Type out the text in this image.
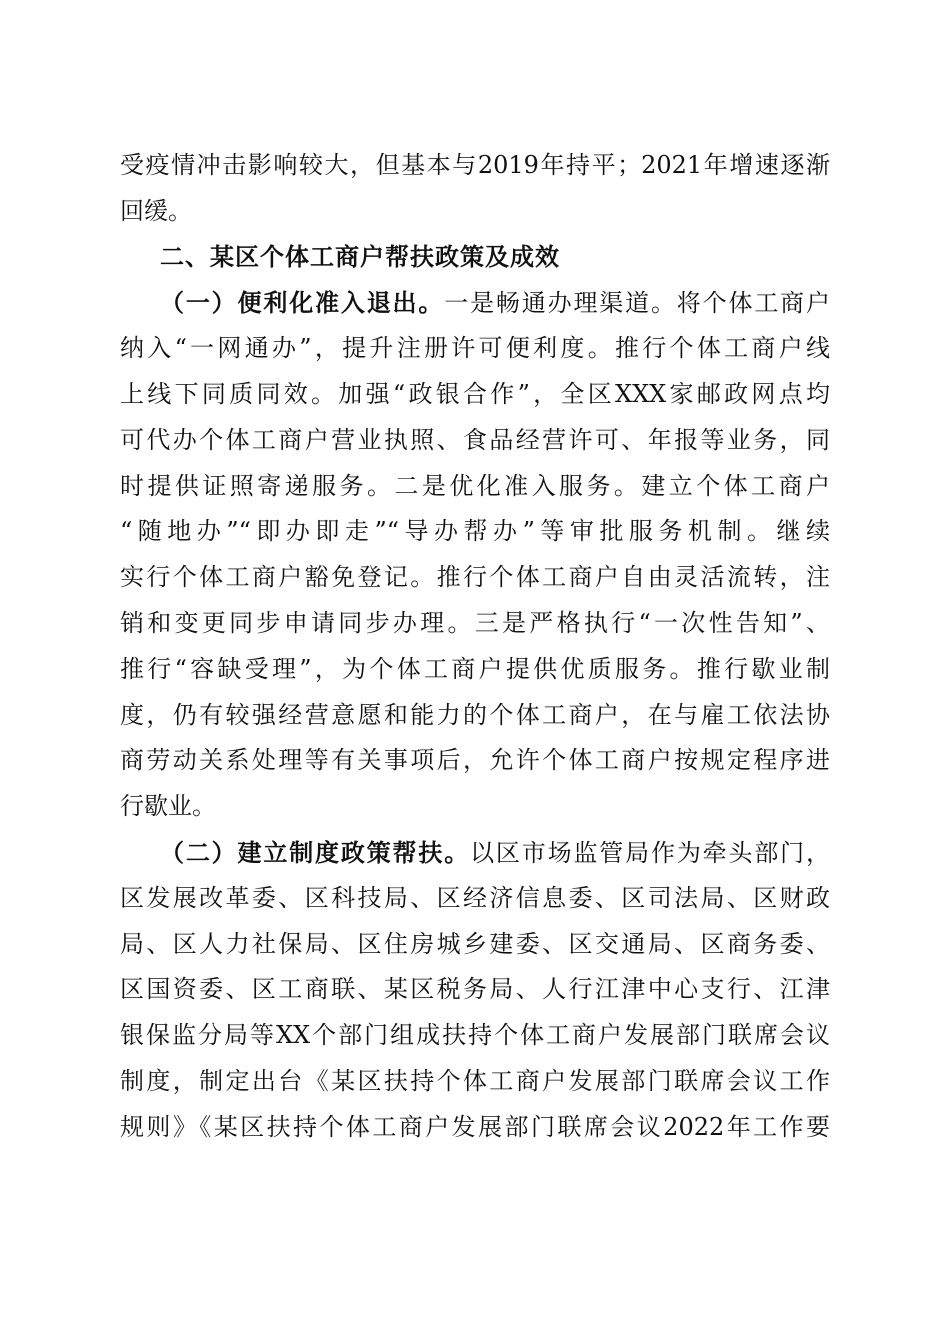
受疫情冲击影响较大，但基本与2019年持平；2021年增速逐渐
回缓。
二、某区个体工商户帮扶政策及成效
（一）便利化准入退出。一是畅通办理渠道。将个体工商户
纳入“一网通办”，提升注册许可便利度。推行个体工商户线
上线下同质同效。加强“政银合作”，全区XXX家邮政网点均
可代办个体工商户营业执照、食品经营许可、年报等业务，同
时提供证照寄递服务。二是优化准入服务。建立个体工商户
“随地办”“即办即走”“导办帮办”等审批服务机制。继续
实行个体工商户豁免登记。推行个体工商户自由灵活流转，注
销和变更同步申请同步办理。三是严格执行“一次性告知”、
推行“容缺受理”，为个体工商户提供优质服务。推行歇业制
度，仍有较强经营意愿和能力的个体工商户，在与雇工依法协
商劳动关系处理等有关事项后，允许个体工商户按规定程序进
行歇业。
（二）建立制度政策帮扶。以区市场监管局作为牵头部门，
区发展改革委、区科技局、区经济信息委、区司法局、区财政
局、区人力社保局、区住房城乡建委、区交通局、区商务委、
区国资委、区工商联、某区税务局、人行江津中心支行、江津
银保监分局等XX个部门组成扶持个体工商户发展部门联席会议
制度，制定出台《某区扶持个体工商户发展部门联席会议工作
规则》《某区扶持个体工商户发展部门联席会议2022年工作要
